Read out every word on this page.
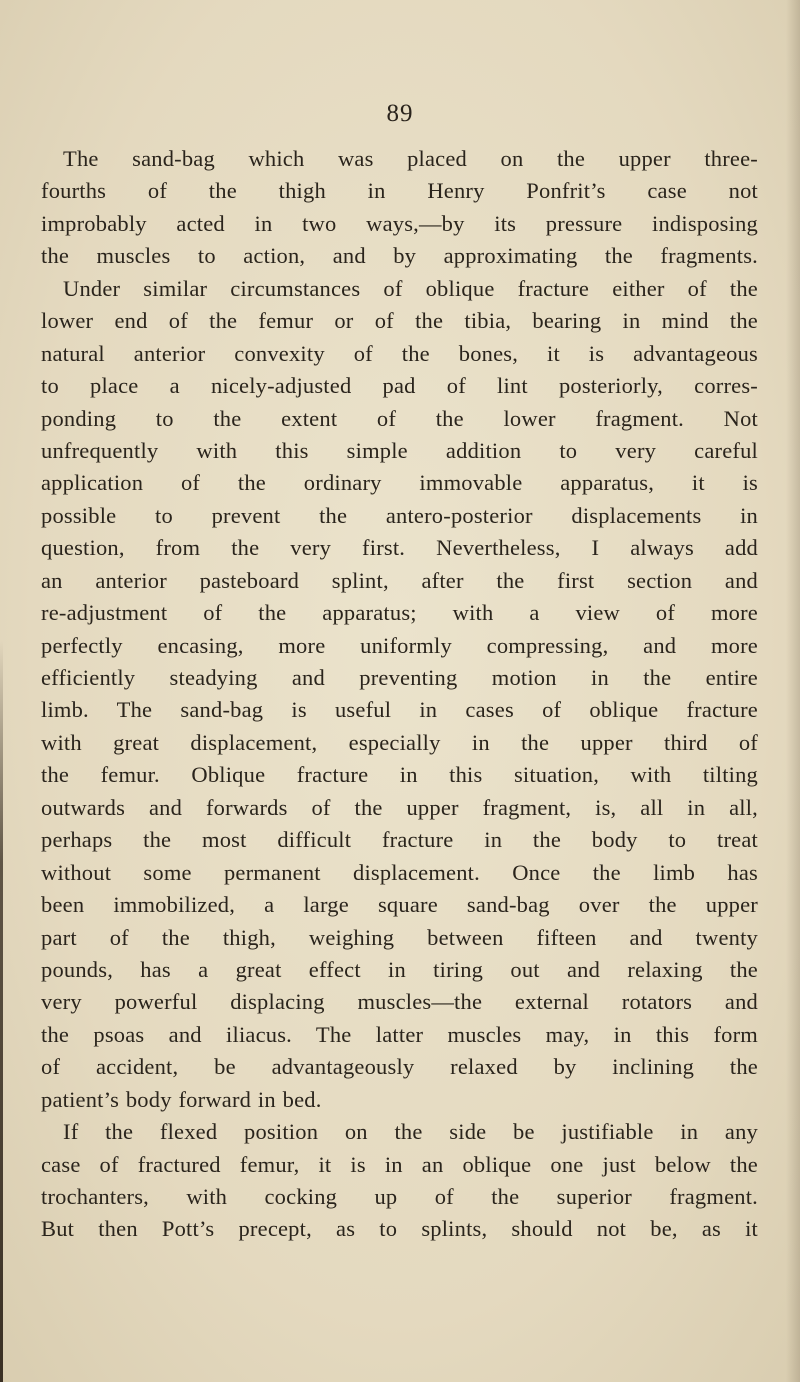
89
The sand-bag which was placed on the upper three-
fourths of the thigh in Henry Ponfrit’s case not
improbably acted in two ways,—by its pressure indisposing
the muscles to action, and by approximating the fragments.
Under similar circumstances of oblique fracture either of the
lower end of the femur or of the tibia, bearing in mind the
natural anterior convexity of the bones, it is advantageous
to place a nicely-adjusted pad of lint posteriorly, corres-
ponding to the extent of the lower fragment. Not
unfrequently with this simple addition to very careful
application of the ordinary immovable apparatus, it is
possible to prevent the antero-posterior displacements in
question, from the very first. Nevertheless, I always add
an anterior pasteboard splint, after the first section and
re-adjustment of the apparatus; with a view of more
perfectly encasing, more uniformly compressing, and more
efficiently steadying and preventing motion in the entire
limb. The sand-bag is useful in cases of oblique fracture
with great displacement, especially in the upper third of
the femur. Oblique fracture in this situation, with tilting
outwards and forwards of the upper fragment, is, all in all,
perhaps the most difficult fracture in the body to treat
without some permanent displacement. Once the limb has
been immobilized, a large square sand-bag over the upper
part of the thigh, weighing between fifteen and twenty
pounds, has a great effect in tiring out and relaxing the
very powerful displacing muscles—the external rotators and
the psoas and iliacus. The latter muscles may, in this form
of accident, be advantageously relaxed by inclining the
patient’s body forward in bed.
If the flexed position on the side be justifiable in any
case of fractured femur, it is in an oblique one just below the
trochanters, with cocking up of the superior fragment.
But then Pott’s precept, as to splints, should not be, as it
